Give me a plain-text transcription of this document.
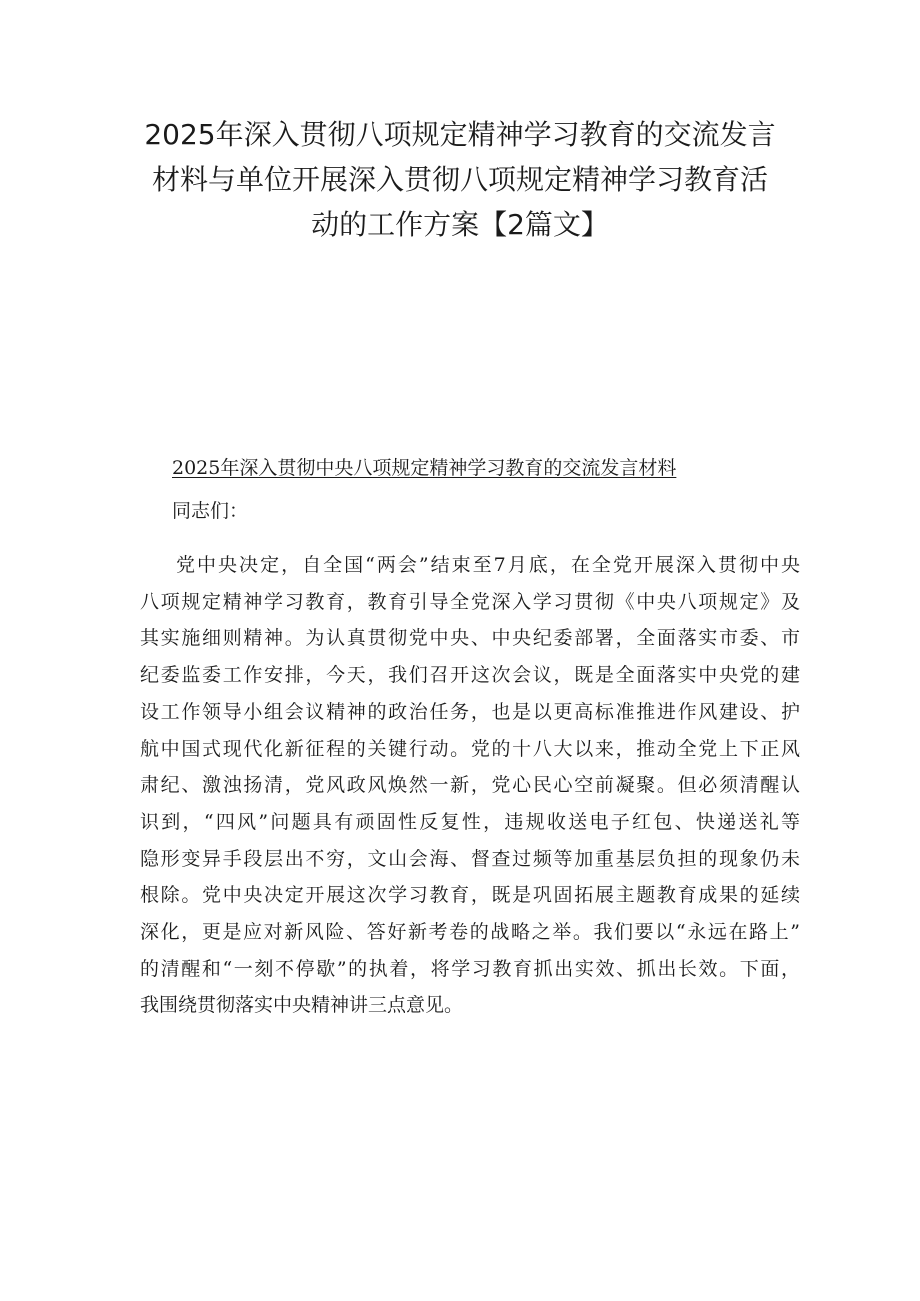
2025年深入贯彻八项规定精神学习教育的交流发言
材料与单位开展深入贯彻八项规定精神学习教育活
动的工作方案【2篇文】
2025年深入贯彻中央八项规定精神学习教育的交流发言材料
同志们：
党中央决定，自全国“两会”结束至7月底，在全党开展深入贯彻中央
八项规定精神学习教育，教育引导全党深入学习贯彻《中央八项规定》及
其实施细则精神。为认真贯彻党中央、中央纪委部署，全面落实市委、市
纪委监委工作安排，今天，我们召开这次会议，既是全面落实中央党的建
设工作领导小组会议精神的政治任务，也是以更高标准推进作风建设、护
航中国式现代化新征程的关键行动。党的十八大以来，推动全党上下正风
肃纪、激浊扬清，党风政风焕然一新，党心民心空前凝聚。但必须清醒认
识到，“四风”问题具有顽固性反复性，违规收送电子红包、快递送礼等
隐形变异手段层出不穷，文山会海、督查过频等加重基层负担的现象仍未
根除。党中央决定开展这次学习教育，既是巩固拓展主题教育成果的延续
深化，更是应对新风险、答好新考卷的战略之举。我们要以“永远在路上”
的清醒和“一刻不停歇”的执着，将学习教育抓出实效、抓出长效。下面，
我围绕贯彻落实中央精神讲三点意见。
